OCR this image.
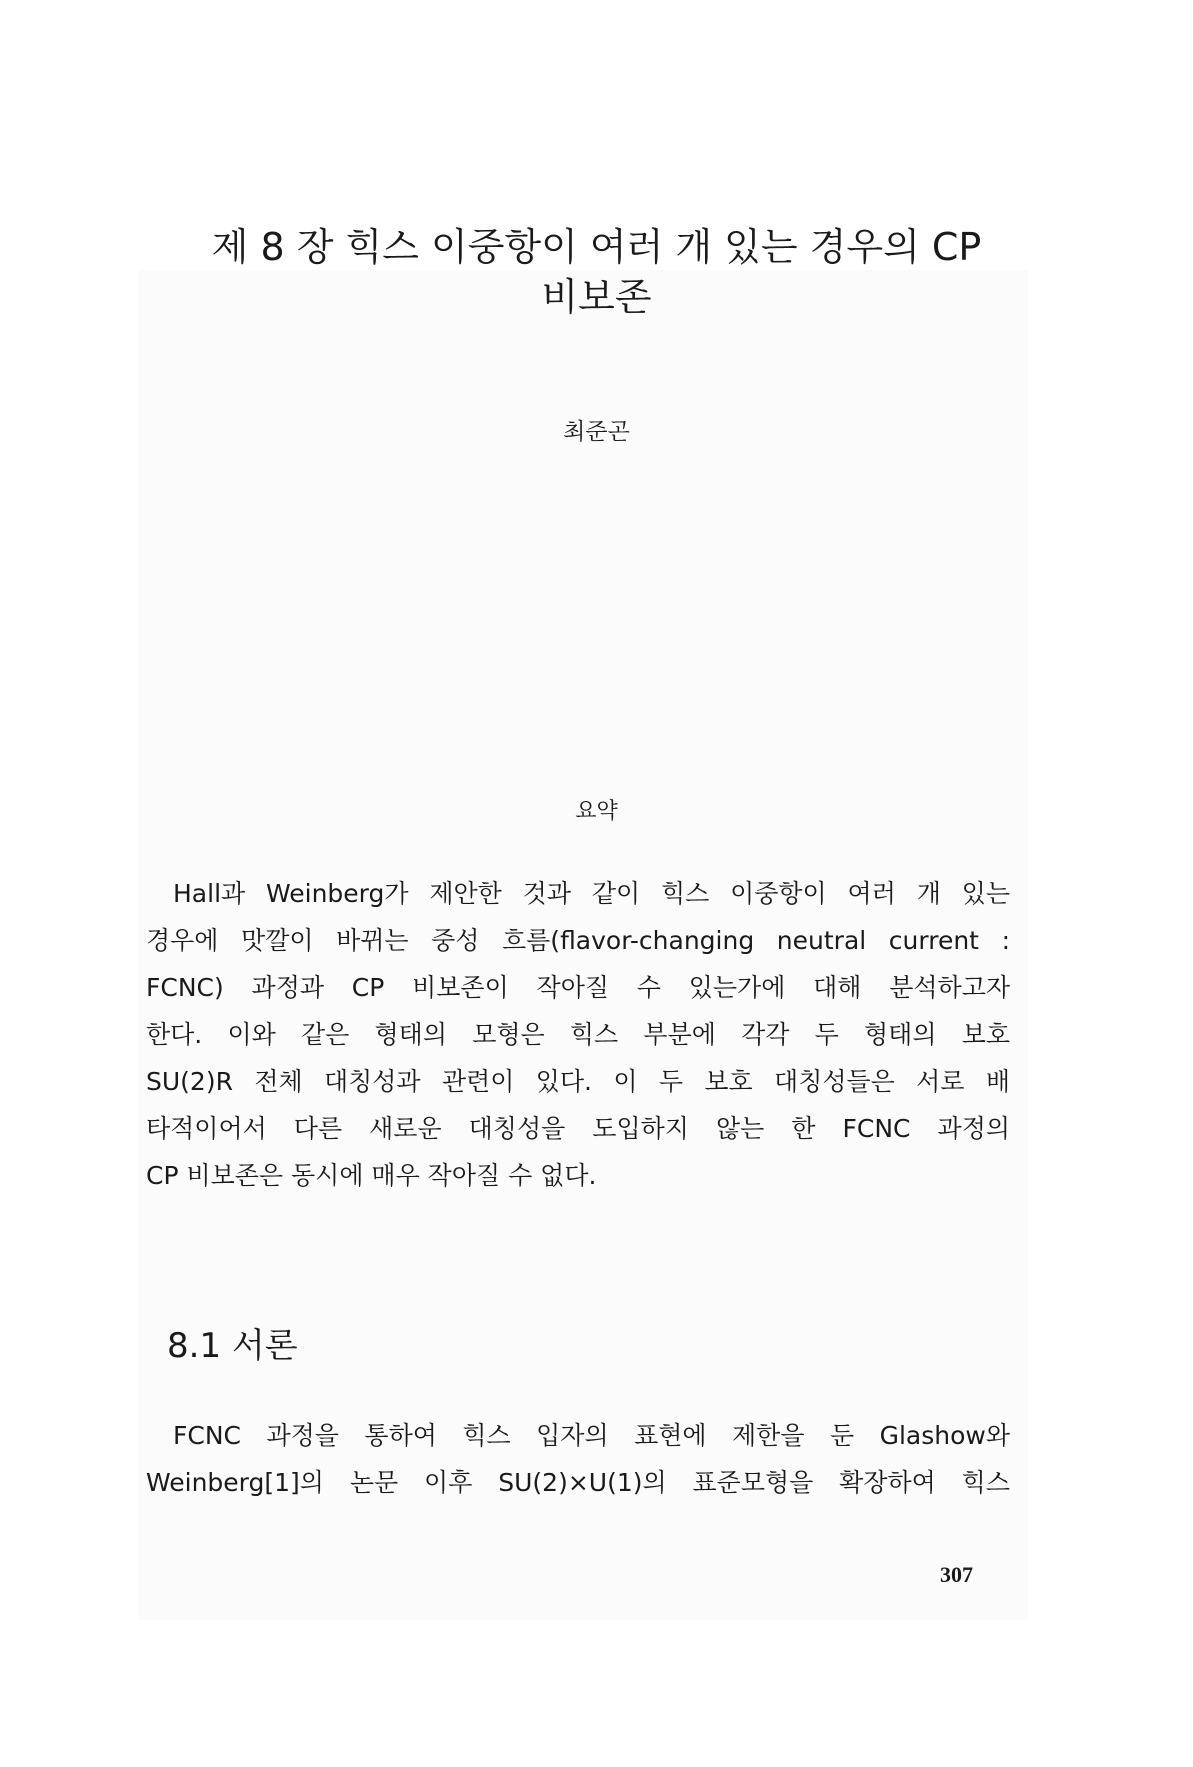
제 8 장 힉스 이중항이 여러 개 있는 경우의 CP
비보존
최준곤
요약
Hall과 Weinberg가 제안한 것과 같이 힉스 이중항이 여러 개 있는
경우에 맛깔이 바뀌는 중성 흐름(flavor-changing neutral current :
FCNC) 과정과 CP 비보존이 작아질 수 있는가에 대해 분석하고자
한다. 이와 같은 형태의 모형은 힉스 부분에 각각 두 형태의 보호
SU(2)R 전체 대칭성과 관련이 있다. 이 두 보호 대칭성들은 서로 배
타적이어서 다른 새로운 대칭성을 도입하지 않는 한 FCNC 과정의
CP 비보존은 동시에 매우 작아질 수 없다.
8.1 서론
FCNC 과정을 통하여 힉스 입자의 표현에 제한을 둔 Glashow와
Weinberg[1]의 논문 이후 SU(2)×U(1)의 표준모형을 확장하여 힉스
307
